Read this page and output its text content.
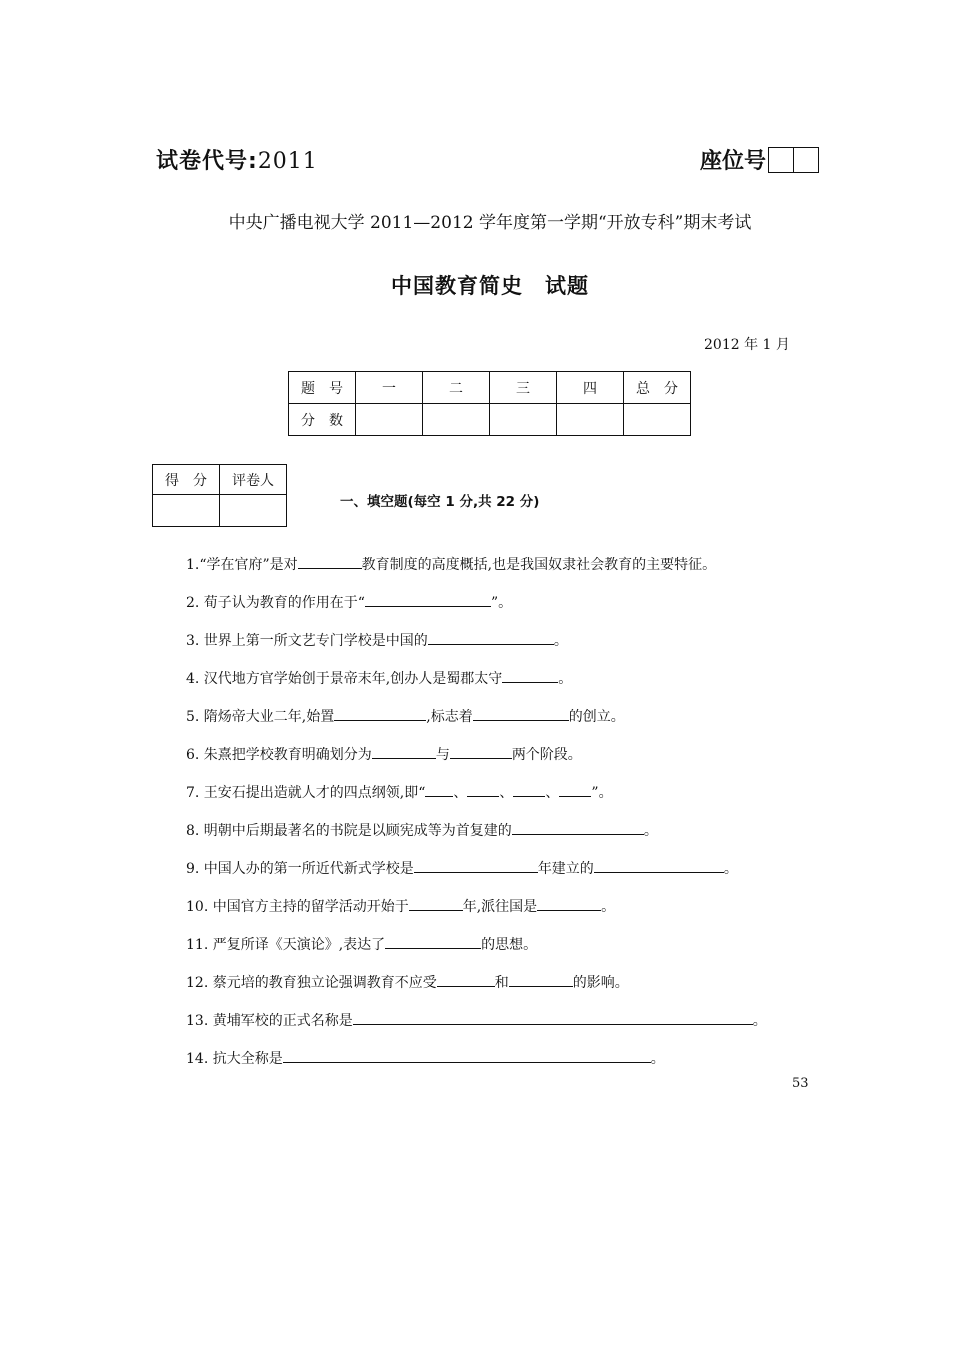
试卷代号:2011	座位号
中央广播电视大学 2011—2012 学年度第一学期“开放专科”期末考试
中国教育简史　试题
2012 年 1 月
题　号	一	二	三	四	总　分
分　数					
得　分	评卷人

一、填空题(每空 1 分,共 22 分)
1.“学在官府”是对	教育制度的高度概括,也是我国奴隶社会教育的主要特征。
2. 荀子认为教育的作用在于“	”。
3. 世界上第一所文艺专门学校是中国的	。
4. 汉代地方官学始创于景帝末年,创办人是蜀郡太守	。
5. 隋炀帝大业二年,始置	,标志着	的创立。
6. 朱熹把学校教育明确划分为	与	两个阶段。
7. 王安石提出造就人才的四点纲领,即“ 、 、 、 ”。
8. 明朝中后期最著名的书院是以顾宪成等为首复建的	。
9. 中国人办的第一所近代新式学校是	年建立的	。
10. 中国官方主持的留学活动开始于	年,派往国是	。
11. 严复所译《天演论》,表达了	的思想。
12. 蔡元培的教育独立论强调教育不应受	和	的影响。
13. 黄埔军校的正式名称是	。
14. 抗大全称是	。
53
